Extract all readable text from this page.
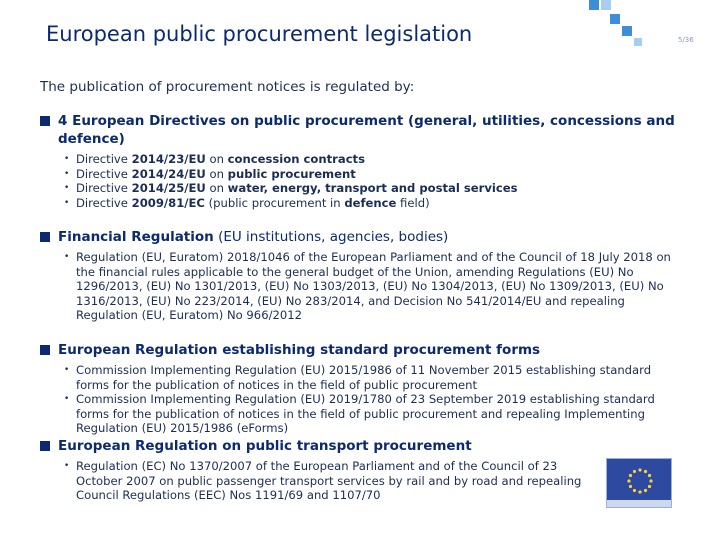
European public procurement legislation	5/36
The publication of procurement notices is regulated by:
4 European Directives on public procurement (general, utilities, concessions and defence)
• Directive 2014/23/EU on concession contracts
• Directive 2014/24/EU on public procurement
• Directive 2014/25/EU on water, energy, transport and postal services
• Directive 2009/81/EC (public procurement in defence field)
Financial Regulation (EU institutions, agencies, bodies)
• Regulation (EU, Euratom) 2018/1046 of the European Parliament and of the Council of 18 July 2018 on the financial rules applicable to the general budget of the Union, amending Regulations (EU) No 1296/2013, (EU) No 1301/2013, (EU) No 1303/2013, (EU) No 1304/2013, (EU) No 1309/2013, (EU) No 1316/2013, (EU) No 223/2014, (EU) No 283/2014, and Decision No 541/2014/EU and repealing Regulation (EU, Euratom) No 966/2012
European Regulation establishing standard procurement forms
• Commission Implementing Regulation (EU) 2015/1986 of 11 November 2015 establishing standard forms for the publication of notices in the field of public procurement
• Commission Implementing Regulation (EU) 2019/1780 of 23 September 2019 establishing standard forms for the publication of notices in the field of public procurement and repealing Implementing Regulation (EU) 2015/1986 (eForms)
European Regulation on public transport procurement
• Regulation (EC) No 1370/2007 of the European Parliament and of the Council of 23 October 2007 on public passenger transport services by rail and by road and repealing Council Regulations (EEC) Nos 1191/69 and 1107/70
